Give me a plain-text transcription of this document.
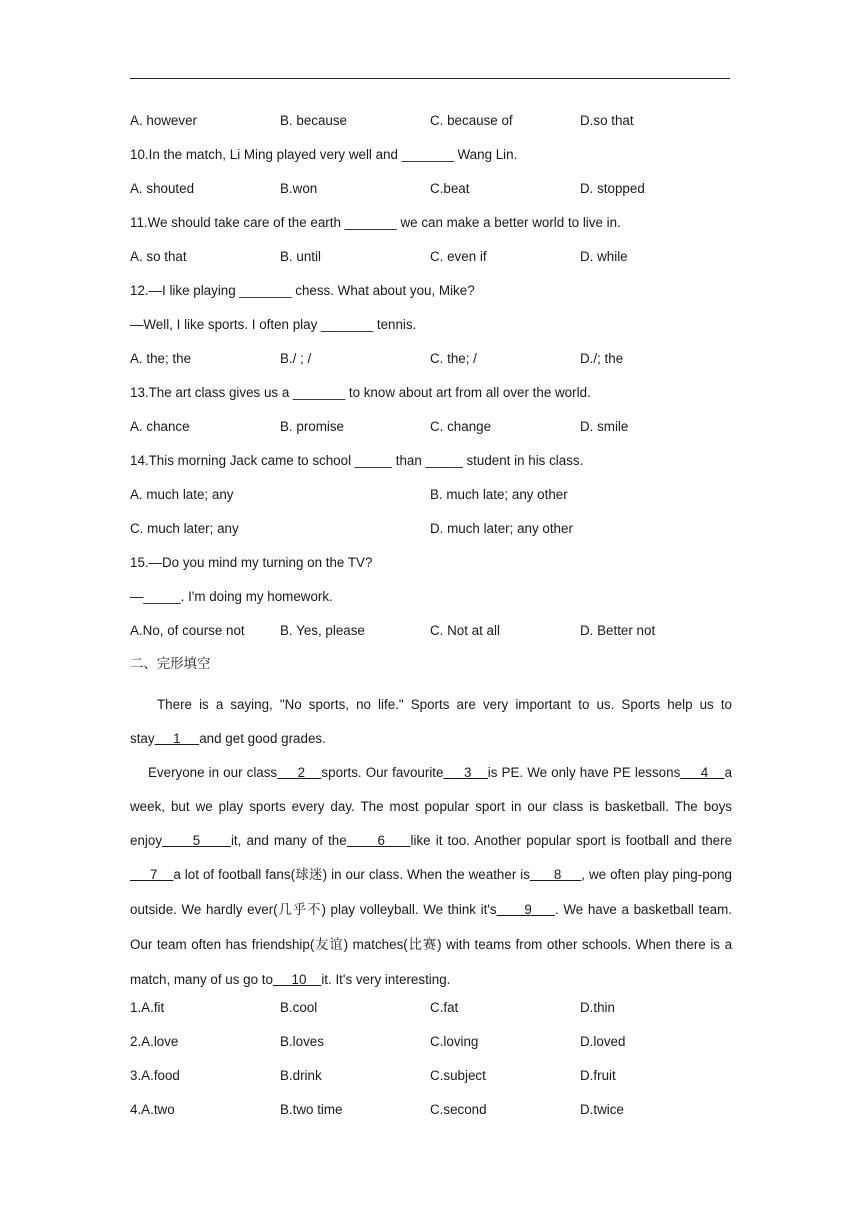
A. however	B. because	C. because of	D.so that
10.In the match, Li Ming played very well and _______ Wang Lin.
A. shouted	B.won	C.beat	D. stopped
11.We should take care of the earth _______ we can make a better world to live in.
A. so that	B. until	C. even if	D. while
12.—I like playing _______ chess. What about you, Mike?
—Well, I like sports. I often play _______ tennis.
A. the; the	B./ ; /	C. the; /	D./; the
13.The art class gives us a _______ to know about art from all over the world.
A. chance	B. promise	C. change	D. smile
14.This morning Jack came to school _____ than _____ student in his class.
A. much late; any	B. much late; any other
C. much later; any	D. much later; any other
15.—Do you mind my turning on the TV?
—_____. I'm doing my homework.
A.No, of course not	B. Yes, please	C. Not at all	D. Better not
二、完形填空
There is a saying, "No sports, no life." Sports are very important to us. Sports help us to stay 1 and get good grades.
Everyone in our class 2 sports. Our favourite 3 is PE. We only have PE lessons 4 a week, but we play sports every day. The most popular sport in our class is basketball. The boys enjoy 5 it, and many of the 6 like it too. Another popular sport is football and there      7 a lot of football fans(球迷) in our class. When the weather is 8 , we often play ping-pong outside. We hardly ever(几乎不) play volleyball. We think it's 9 . We have a basketball team. Our team often has friendship(友谊) matches(比赛) with teams from other schools. When there is a match, many of us go to 10 it. It's very interesting.
1.A.fit	B.cool	C.fat	D.thin
2.A.love	B.loves	C.loving	D.loved
3.A.food	B.drink	C.subject	D.fruit
4.A.two	B.two time	C.second	D.twice
